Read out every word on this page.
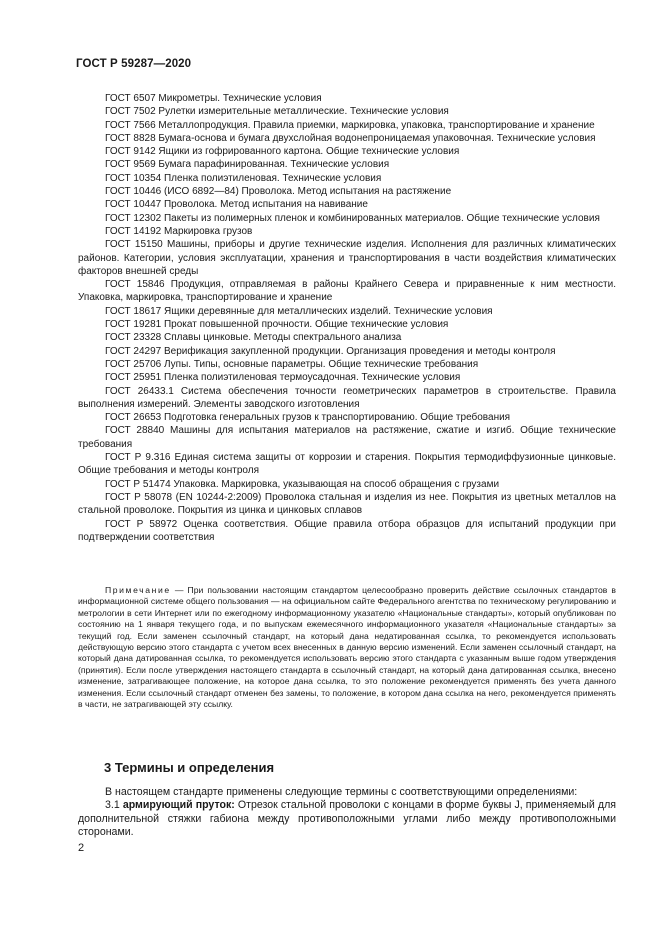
ГОСТ Р 59287—2020

ГОСТ 6507 Микрометры. Технические условия

ГОСТ 7502 Рулетки измерительные металлические. Технические условия

ГОСТ 7566 Металлопродукция. Правила приемки, маркировка, упаковка, транспортирование и хранение

ГОСТ 8828 Бумага-основа и бумага двухслойная водонепроницаемая упаковочная. Технические условия

ГОСТ 9142 Ящики из гофрированного картона. Общие технические условия

ГОСТ 9569 Бумага парафинированная. Технические условия

ГОСТ 10354 Пленка полиэтиленовая. Технические условия

ГОСТ 10446 (ИСО 6892—84) Проволока. Метод испытания на растяжение

ГОСТ 10447 Проволока. Метод испытания на навивание

ГОСТ 12302 Пакеты из полимерных пленок и комбинированных материалов. Общие технические условия

ГОСТ 14192 Маркировка грузов

ГОСТ 15150 Машины, приборы и другие технические изделия. Исполнения для различных климатических районов. Категории, условия эксплуатации, хранения и транспортирования в части воздействия климатических факторов внешней среды

ГОСТ 15846 Продукция, отправляемая в районы Крайнего Севера и приравненные к ним местности. Упаковка, маркировка, транспортирование и хранение

ГОСТ 18617 Ящики деревянные для металлических изделий. Технические условия

ГОСТ 19281 Прокат повышенной прочности. Общие технические условия

ГОСТ 23328 Сплавы цинковые. Методы спектрального анализа

ГОСТ 24297 Верификация закупленной продукции. Организация проведения и методы контроля

ГОСТ 25706 Лупы. Типы, основные параметры. Общие технические требования

ГОСТ 25951 Пленка полиэтиленовая термоусадочная. Технические условия

ГОСТ 26433.1 Система обеспечения точности геометрических параметров в строительстве. Правила выполнения измерений. Элементы заводского изготовления

ГОСТ 26653 Подготовка генеральных грузов к транспортированию. Общие требования

ГОСТ 28840 Машины для испытания материалов на растяжение, сжатие и изгиб. Общие технические требования

ГОСТ Р 9.316 Единая система защиты от коррозии и старения. Покрытия термодиффузионные цинковые. Общие требования и методы контроля

ГОСТ Р 51474 Упаковка. Маркировка, указывающая на способ обращения с грузами

ГОСТ Р 58078 (EN 10244-2:2009) Проволока стальная и изделия из нее. Покрытия из цветных металлов на стальной проволоке. Покрытия из цинка и цинковых сплавов

ГОСТ Р 58972 Оценка соответствия. Общие правила отбора образцов для испытаний продукции при подтверждении соответствия

Примечание — При пользовании настоящим стандартом целесообразно проверить действие ссылочных стандартов в информационной системе общего пользования — на официальном сайте Федерального агентства по техническому регулированию и метрологии в сети Интернет или по ежегодному информационному указателю «Национальные стандарты», который опубликован по состоянию на 1 января текущего года, и по выпускам ежемесячного информационного указателя «Национальные стандарты» за текущий год. Если заменен ссылочный стандарт, на который дана недатированная ссылка, то рекомендуется использовать действующую версию этого стандарта с учетом всех внесенных в данную версию изменений. Если заменен ссылочный стандарт, на который дана датированная ссылка, то рекомендуется использовать версию этого стандарта с указанным выше годом утверждения (принятия). Если после утверждения настоящего стандарта в ссылочный стандарт, на который дана датированная ссылка, внесено изменение, затрагивающее положение, на которое дана ссылка, то это положение рекомендуется применять без учета данного изменения. Если ссылочный стандарт отменен без замены, то положение, в котором дана ссылка на него, рекомендуется применять в части, не затрагивающей эту ссылку.

3 Термины и определения

В настоящем стандарте применены следующие термины с соответствующими определениями:

3.1 армирующий пруток: Отрезок стальной проволоки с концами в форме буквы J, применяемый для дополнительной стяжки габиона между противоположными углами либо между противоположными сторонами.

2
